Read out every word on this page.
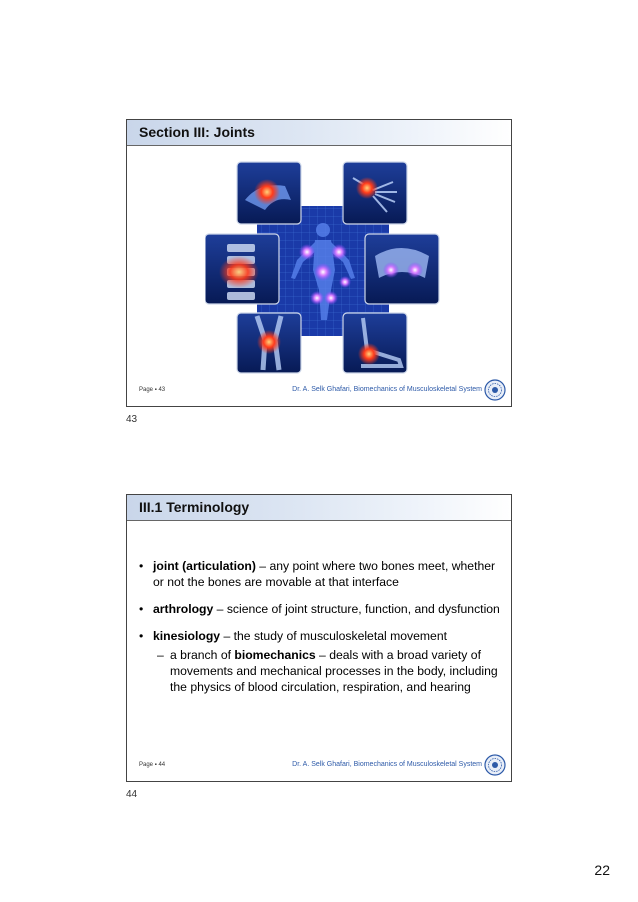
Section III: Joints
Page ▪ 43	Dr. A. Selk Ghafari, Biomechanics of Musculoskeletal System
43
III.1 Terminology
• joint (articulation) – any point where two bones meet, whether or not the bones are movable at that interface
• arthrology – science of joint structure, function, and dysfunction
• kinesiology – the study of musculoskeletal movement
– a branch of biomechanics – deals with a broad variety of movements and mechanical processes in the body, including the physics of blood circulation, respiration, and hearing
Page ▪ 44	Dr. A. Selk Ghafari, Biomechanics of Musculoskeletal System
44
22
